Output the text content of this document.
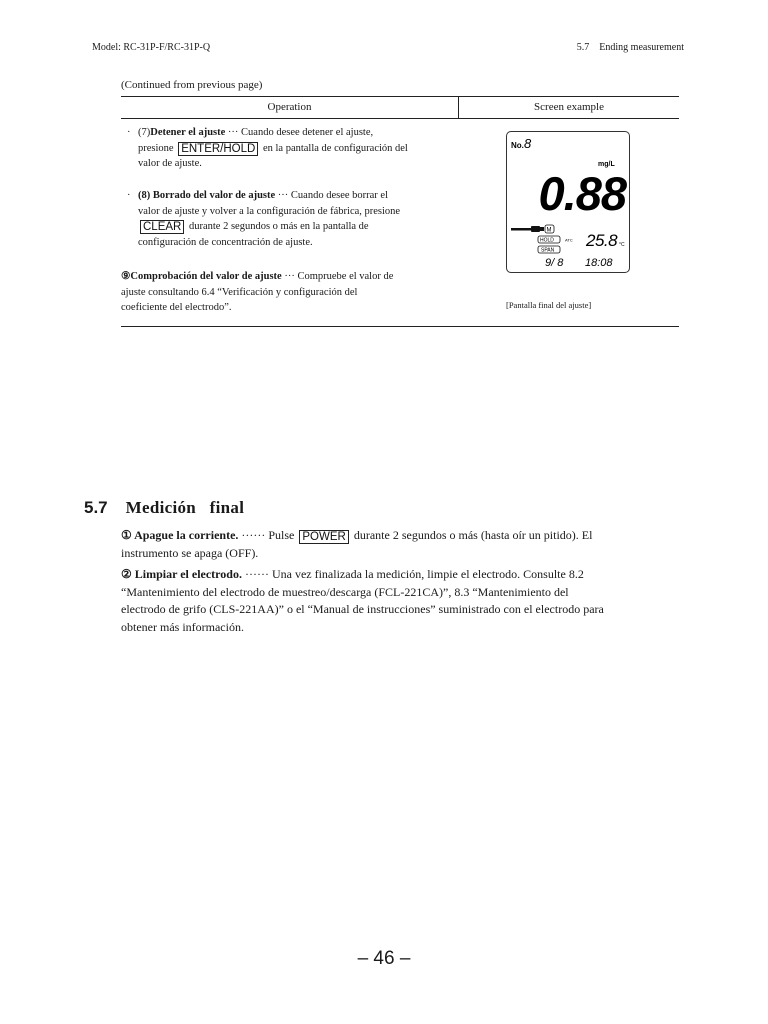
Model: RC-31P-F/RC-31P-Q	5.7    Ending measurement
(Continued from previous page)
Operation	Screen example
· (7)Detener el ajuste ··· Cuando desee detener el ajuste,
presione ENTER/HOLD en la pantalla de configuración del
valor de ajuste.
· (8) Borrado del valor de ajuste ··· Cuando desee borrar el
valor de ajuste y volver a la configuración de fábrica, presione
CLEAR durante 2 segundos o más en la pantalla de
configuración de concentración de ajuste.
⑨Comprobación del valor de ajuste ··· Compruebe el valor de
ajuste consultando 6.4 “Verificación y configuración del
coeficiente del electrodo”.
No. 8
mg/L
0.88
M
HOLD	ATC 25.8 °C
SPAN
9/ 8 18:08
[Pantalla final del ajuste]
5.7 Medición   final
① Apague la corriente. ······ Pulse POWER durante 2 segundos o más (hasta oír un pitido). El
instrumento se apaga (OFF).
② Limpiar el electrodo. ······ Una vez finalizada la medición, limpie el electrodo. Consulte 8.2
“Mantenimiento del electrodo de muestreo/descarga (FCL-221CA)”, 8.3 “Mantenimiento del
electrodo de grifo (CLS-221AA)” o el “Manual de instrucciones” suministrado con el electrodo para
obtener más información.
– 46 –
